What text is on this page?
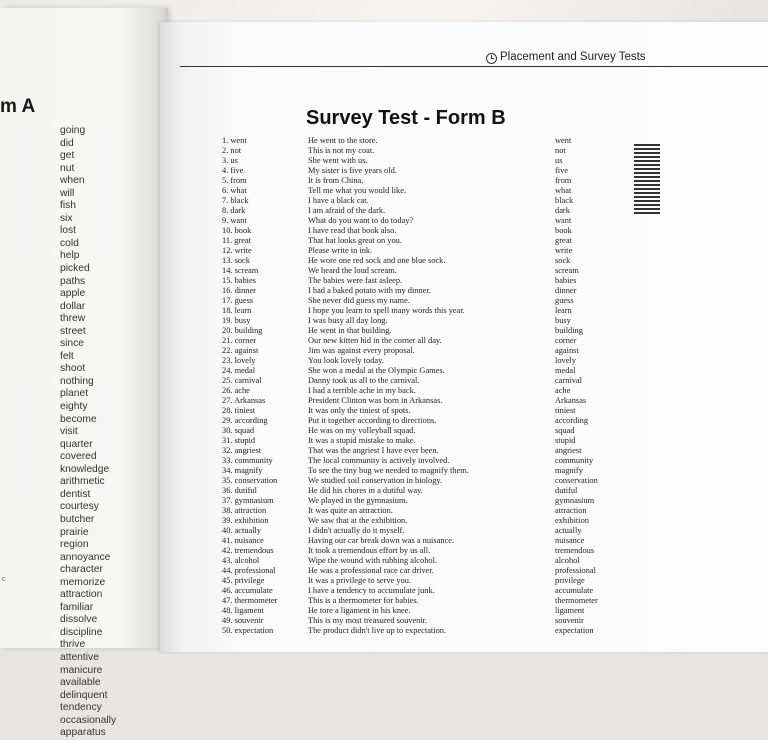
m A
going
did
get
nut
when
will
fish
six
lost
cold
help
picked
paths
apple
dollar
threw
street
since
felt
shoot
nothing
planet
eighty
become
visit
quarter
covered
knowledge
arithmetic
dentist
courtesy
butcher
prairie
region
annoyance
character
memorize
attraction
familiar
dissolve
discipline
thrive
attentive
manicure
available
delinquent
tendency
occasionally
apparatus
c
Placement and Survey Tests
Survey Test - Form B
1. went	He went to the store.	went
2. not	This is not my coat.	not
3. us	She went with us.	us
4. five	My sister is five years old.	five
5. from	It is from China.	from
6. what	Tell me what you would like.	what
7. black	I have a black cat.	black
8. dark	I am afraid of the dark.	dark
9. want	What do you want to do today?	want
10. book	I have read that book also.	book
11. great	That hat looks great on you.	great
12. write	Please write in ink.	write
13. sock	He wore one red sock and one blue sock.	sock
14. scream	We heard the loud scream.	scream
15. babies	The babies were fast asleep.	babies
16. dinner	I had a baked potato with my dinner.	dinner
17. guess	She never did guess my name.	guess
18. learn	I hope you learn to spell many words this year.	learn
19. busy	I was busy all day long.	busy
20. building	He went in that building.	building
21. corner	Our new kitten hid in the corner all day.	corner
22. against	Jim was against every proposal.	against
23. lovely	You look lovely today.	lovely
24. medal	She won a medal at the Olympic Games.	medal
25. carnival	Danny took us all to the carnival.	carnival
26. ache	I had a terrible ache in my back.	ache
27. Arkansas	President Clinton was born in Arkansas.	Arkansas
28. tiniest	It was only the tiniest of spots.	tiniest
29. according	Put it together according to directions.	according
30. squad	He was on my volleyball squad.	squad
31. stupid	It was a stupid mistake to make.	stupid
32. angriest	That was the angriest I have ever been.	angriest
33. community	The local community is actively involved.	community
34. magnify	To see the tiny bug we needed to magnify them.	magnify
35. conservation	We studied soil conservation in biology.	conservation
36. dutiful	He did his chores in a dutiful way.	dutiful
37. gymnasium	We played in the gymnasium.	gymnasium
38. attraction	It was quite an attraction.	attraction
39. exhibition	We saw that at the exhibition.	exhibition
40. actually	I didn't actually do it myself.	actually
41. nuisance	Having our car break down was a nuisance.	nuisance
42. tremendous	It took a tremendous effort by us all.	tremendous
43. alcohol	Wipe the wound with rubbing alcohol.	alcohol
44. professional	He was a professional race car driver.	professional
45. privilege	It was a privilege to serve you.	privilege
46. accumulate	I have a tendency to accumulate junk.	accumulate
47. thermometer	This is a thermometer for babies.	thermometer
48. ligament	He tore a ligament in his knee.	ligament
49. souvenir	This is my most treasured souvenir.	souvenir
50. expectation	The product didn't live up to expectation.	expectation
